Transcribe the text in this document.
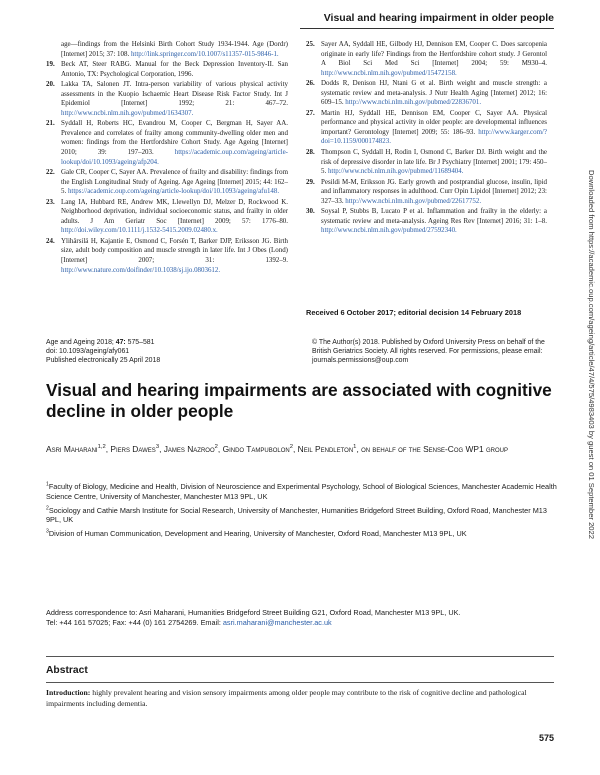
Visual and hearing impairment in older people
Downloaded from https://academic.oup.com/ageing/article/47/4/575/4983403 by guest on 01 September 2022
age—findings from the Helsinki Birth Cohort Study 1934-1944. Age (Dordr) [Internet] 2015; 37: 108. http://link.springer.com/10.1007/s11357-015-9846-1.
19. Beck AT, Steer RABG. Manual for the Beck Depression Inventory-II. San Antonio, TX: Psychological Corporation, 1996.
20. Lakka TA, Salonen JT. Intra-person variability of various physical activity assessments in the Kuopio Ischaemic Heart Disease Risk Factor Study. Int J Epidemiol [Internet] 1992; 21: 467–72. http://www.ncbi.nlm.nih.gov/pubmed/1634307.
21. Syddall H, Roberts HC, Evandrou M, Cooper C, Bergman H, Sayer AA. Prevalence and correlates of frailty among community-dwelling older men and women: findings from the Hertfordshire Cohort Study. Age Ageing [Internet] 2010; 39: 197–203. https://academic.oup.com/ageing/article-lookup/doi/10.1093/ageing/afp204.
22. Gale CR, Cooper C, Sayer AA. Prevalence of frailty and disability: findings from the English Longitudinal Study of Ageing. Age Ageing [Internet] 2015; 44: 162–5. https://academic.oup.com/ageing/article-lookup/doi/10.1093/ageing/afu148.
23. Lang IA, Hubbard RE, Andrew MK, Llewellyn DJ, Melzer D, Rockwood K. Neighborhood deprivation, individual socioeconomic status, and frailty in older adults. J Am Geriatr Soc [Internet] 2009; 57: 1776–80. http://doi.wiley.com/10.1111/j.1532-5415.2009.02480.x.
24. Ylihärsilä H, Kajantie E, Osmond C, Forsén T, Barker DJP, Eriksson JG. Birth size, adult body composition and muscle strength in later life. Int J Obes (Lond) [Internet] 2007; 31: 1392–9. http://www.nature.com/doifinder/10.1038/sj.ijo.0803612.
25. Sayer AA, Syddall HE, Gilbody HJ, Dennison EM, Cooper C. Does sarcopenia originate in early life? Findings from the Hertfordshire cohort study. J Gerontol A Biol Sci Med Sci [Internet] 2004; 59: M930–4. http://www.ncbi.nlm.nih.gov/pubmed/15472158.
26. Dodds R, Denison HJ, Ntani G et al. Birth weight and muscle strength: a systematic review and meta-analysis. J Nutr Health Aging [Internet] 2012; 16: 609–15. http://www.ncbi.nlm.nih.gov/pubmed/22836701.
27. Martin HJ, Syddall HE, Dennison EM, Cooper C, Sayer AA. Physical performance and physical activity in older people: are developmental influences important? Gerontology [Internet] 2009; 55: 186–93. http://www.karger.com/?doi=10.1159/000174823.
28. Thompson C, Syddall H, Rodin I, Osmond C, Barker DJ. Birth weight and the risk of depressive disorder in late life. Br J Psychiatry [Internet] 2001; 179: 450–5. http://www.ncbi.nlm.nih.gov/pubmed/11689404.
29. Pesildi M-M, Eriksson JG. Early growth and postprandial glucose, insulin, lipid and inflammatory responses in adulthood. Curr Opin Lipidol [Internet] 2012; 23: 327–33. http://www.ncbi.nlm.nih.gov/pubmed/22617752.
30. Soysal P, Stubbs B, Lucato P et al. Inflammation and frailty in the elderly: a systematic review and meta-analysis. Ageing Res Rev [Internet] 2016; 31: 1–8. http://www.ncbi.nlm.nih.gov/pubmed/27592340.
Received 6 October 2017; editorial decision 14 February 2018
Age and Ageing 2018; 47: 575–581
doi: 10.1093/ageing/afy061
Published electronically 25 April 2018
© The Author(s) 2018. Published by Oxford University Press on behalf of the British Geriatrics Society. All rights reserved. For permissions, please email: journals.permissions@oup.com
Visual and hearing impairments are associated with cognitive decline in older people
Asri Maharani$^{1,2}$, Piers Dawes$^3$, James Nazroo$^2$, Gindo Tampubolon$^2$, Neil Pendleton$^1$, on behalf of the Sense-Cog WP1 group
$^1$Faculty of Biology, Medicine and Health, Division of Neuroscience and Experimental Psychology, School of Biological Sciences, Manchester Academic Health Science Centre, University of Manchester, Manchester M13 9PL, UK
$^2$Sociology and Cathie Marsh Institute for Social Research, University of Manchester, Humanities Bridgeford Street Building, Oxford Road, Manchester M13 9PL, UK
$^3$Division of Human Communication, Development and Hearing, University of Manchester, Oxford Road, Manchester M13 9PL, UK
Address correspondence to: Asri Maharani, Humanities Bridgeford Street Building G21, Oxford Road, Manchester M13 9PL, UK.
Tel: +44 161 57025; Fax: +44 (0) 161 2754269. Email: asri.maharani@manchester.ac.uk
Abstract
Introduction: highly prevalent hearing and vision sensory impairments among older people may contribute to the risk of cognitive decline and pathological impairments including dementia.
575
